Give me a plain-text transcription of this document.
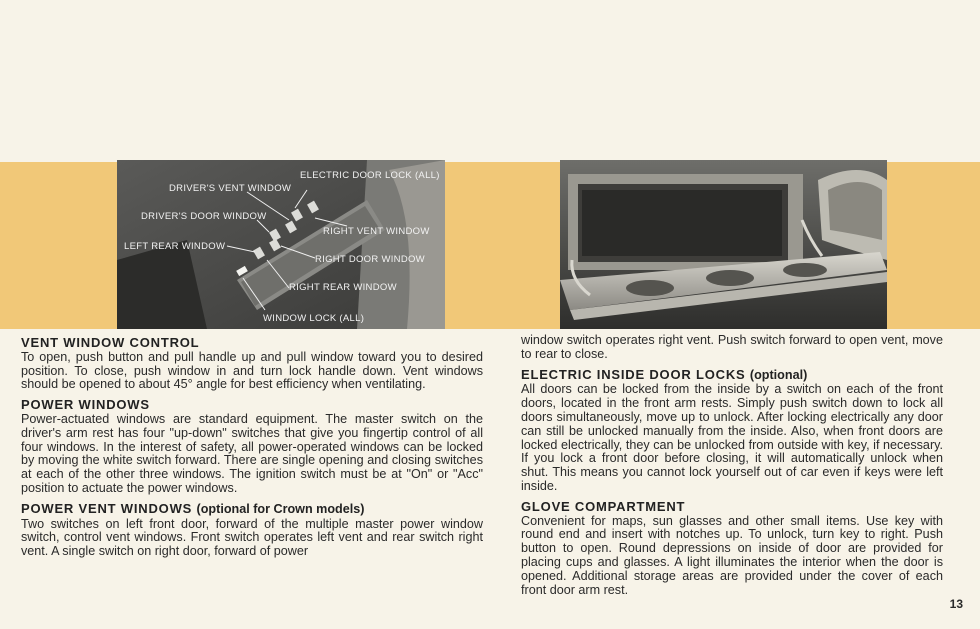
ELECTRIC DOOR LOCK (ALL)
DRIVER'S VENT WINDOW
DRIVER'S DOOR WINDOW
RIGHT VENT WINDOW
LEFT REAR WINDOW
RIGHT DOOR WINDOW
RIGHT REAR WINDOW
WINDOW LOCK (ALL)
VENT WINDOW CONTROL

To open, push button and pull handle up and pull window toward you to desired position. To close, push window in and turn lock handle down. Vent windows should be opened to about 45° angle for best efficiency when ventilating.

POWER WINDOWS

Power-actuated windows are standard equipment. The master switch on the driver's arm rest has four "up-down" switches that give you fingertip control of all four windows. In the interest of safety, all power-operated windows can be locked by moving the white switch forward. There are single opening and closing switches at each of the other three windows. The ignition switch must be at "On" or "Acc" position to actuate the power windows.

POWER VENT WINDOWS (optional for Crown models)

Two switches on left front door, forward of the multiple master power window switch, control vent windows. Front switch operates left vent and rear switch right vent. A single switch on right door, forward of power

window switch operates right vent. Push switch forward to open vent, move to rear to close.

ELECTRIC INSIDE DOOR LOCKS (optional)

All doors can be locked from the inside by a switch on each of the front doors, located in the front arm rests. Simply push switch down to lock all doors simultaneously, move up to unlock. After locking electrically any door can still be unlocked manually from the inside. Also, when front doors are locked electrically, they can be unlocked from outside with key, if necessary. If you lock a front door before closing, it will automatically unlock when shut. This means you cannot lock yourself out of car even if keys were left inside.

GLOVE COMPARTMENT

Convenient for maps, sun glasses and other small items. Use key with round end and insert with notches up. To unlock, turn key to right. Push button to open. Round depressions on inside of door are provided for placing cups and glasses. A light illuminates the interior when the door is opened. Additional storage areas are provided under the cover of each front door arm rest.

13
